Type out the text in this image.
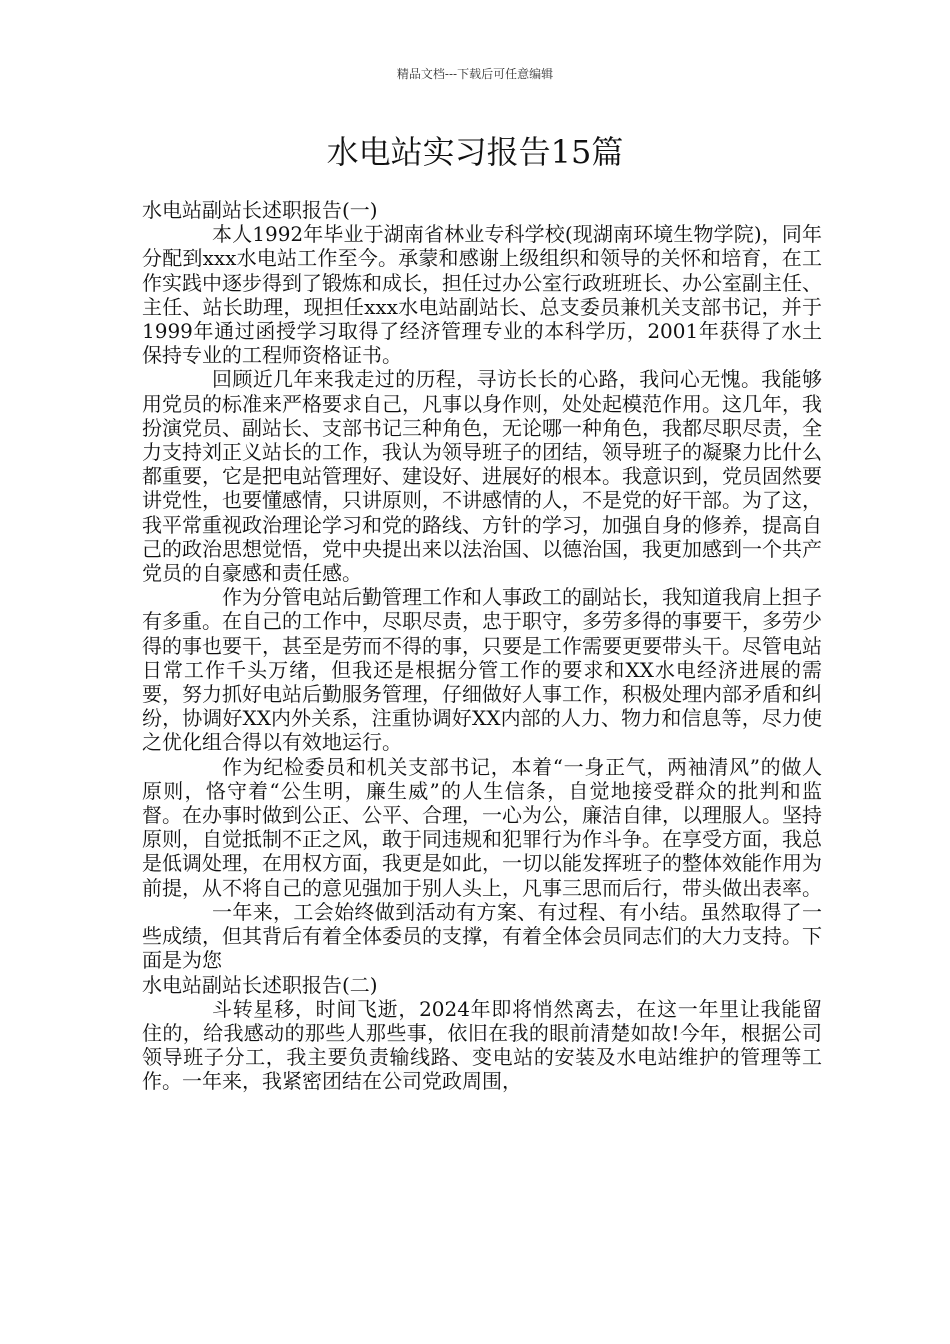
精品文档---下载后可任意编辑
水电站实习报告15篇

水电站副站长述职报告(一)

本人1992年毕业于湖南省林业专科学校(现湖南环境生物学院)，同年分配到xxx水电站工作至今。承蒙和感谢上级组织和领导的关怀和培育，在工作实践中逐步得到了锻炼和成长，担任过办公室行政班班长、办公室副主任、主任、站长助理，现担任xxx水电站副站长、总支委员兼机关支部书记，并于1999年通过函授学习取得了经济管理专业的本科学历，2001年获得了水土保持专业的工程师资格证书。

回顾近几年来我走过的历程，寻访长长的心路，我问心无愧。我能够用党员的标准来严格要求自己，凡事以身作则，处处起模范作用。这几年，我扮演党员、副站长、支部书记三种角色，无论哪一种角色，我都尽职尽责，全力支持刘正义站长的工作，我认为领导班子的团结，领导班子的凝聚力比什么都重要，它是把电站管理好、建设好、进展好的根本。我意识到，党员固然要讲党性，也要懂感情，只讲原则，不讲感情的人，不是党的好干部。为了这，我平常重视政治理论学习和党的路线、方针的学习，加强自身的修养，提高自己的政治思想觉悟，党中央提出来以法治国、以德治国，我更加感到一个共产党员的自豪感和责任感。

作为分管电站后勤管理工作和人事政工的副站长，我知道我肩上担子有多重。在自己的工作中，尽职尽责，忠于职守，多劳多得的事要干，多劳少得的事也要干，甚至是劳而不得的事，只要是工作需要更要带头干。尽管电站日常工作千头万绪，但我还是根据分管工作的要求和XX水电经济进展的需要，努力抓好电站后勤服务管理，仔细做好人事工作，积极处理内部矛盾和纠纷，协调好XX内外关系，注重协调好XX内部的人力、物力和信息等，尽力使之优化组合得以有效地运行。

作为纪检委员和机关支部书记，本着“一身正气，两袖清风”的做人原则，恪守着“公生明，廉生威”的人生信条，自觉地接受群众的批判和监督。在办事时做到公正、公平、合理，一心为公，廉洁自律，以理服人。坚持原则，自觉抵制不正之风，敢于同违规和犯罪行为作斗争。在享受方面，我总是低调处理，在用权方面，我更是如此，一切以能发挥班子的整体效能作用为前提，从不将自己的意见强加于别人头上，凡事三思而后行，带头做出表率。

一年来，工会始终做到活动有方案、有过程、有小结。虽然取得了一些成绩，但其背后有着全体委员的支撑，有着全体会员同志们的大力支持。下面是为您

水电站副站长述职报告(二)

斗转星移，时间飞逝，2024年即将悄然离去，在这一年里让我能留住的，给我感动的那些人那些事，依旧在我的眼前清楚如故!今年，根据公司领导班子分工，我主要负责输线路、变电站的安装及水电站维护的管理等工作。一年来，我紧密团结在公司党政周围，
